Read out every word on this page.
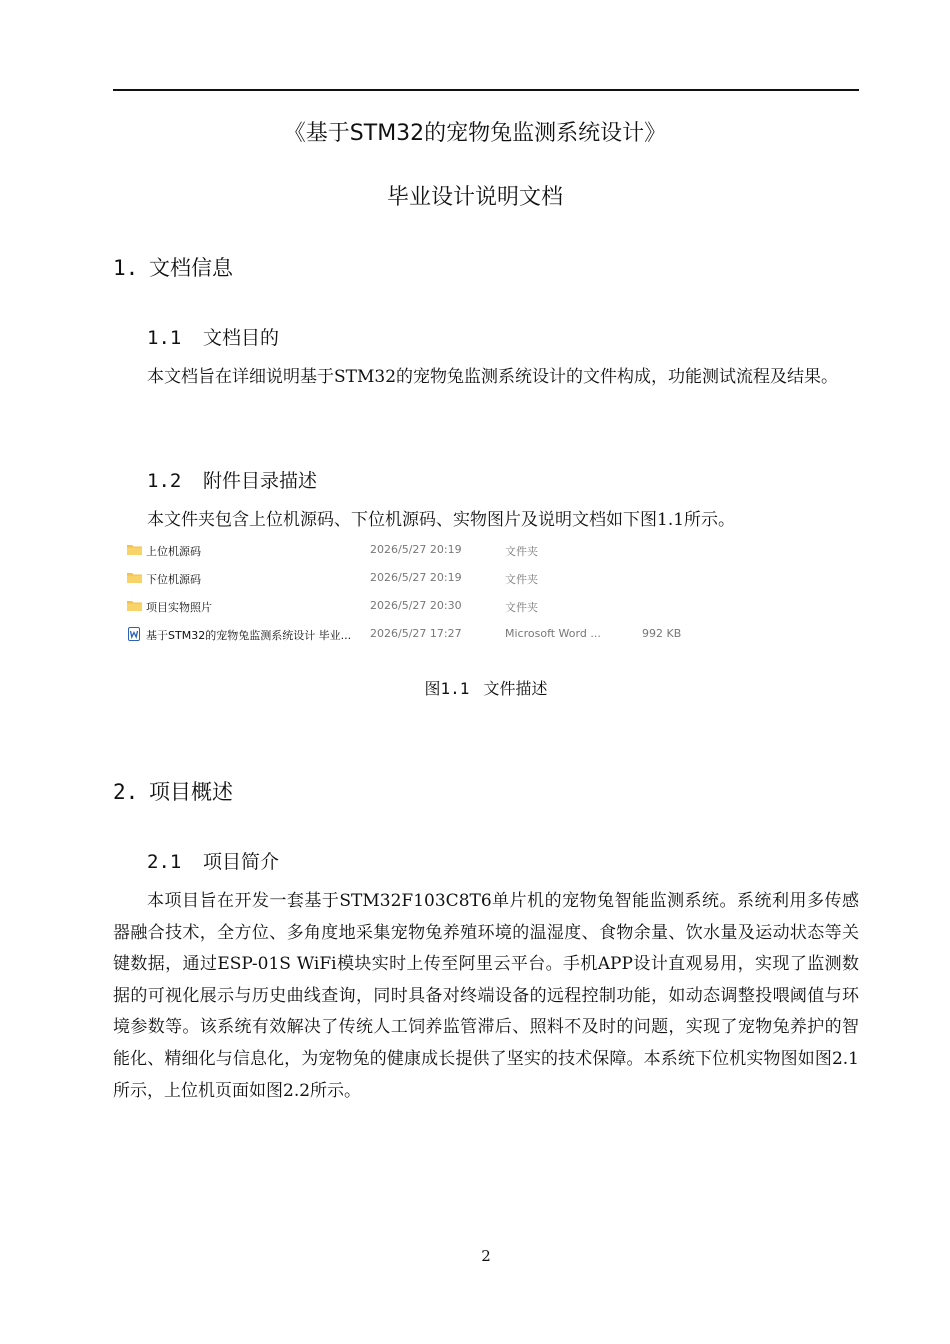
《基于STM32的宠物兔监测系统设计》
毕业设计说明文档
1. 文档信息
1.1 文档目的
本文档旨在详细说明基于STM32的宠物兔监测系统设计的文件构成，功能测试流程及结果。
1.2 附件目录描述
本文件夹包含上位机源码、下位机源码、实物图片及说明文档如下图1.1所示。
上位机源码	2026/5/27 20:19	文件夹
下位机源码	2026/5/27 20:19	文件夹
项目实物照片	2026/5/27 20:30	文件夹
基于STM32的宠物兔监测系统设计 毕业... 2026/5/27 17:27	Microsoft Word ...	992 KB
图1.1 文件描述
2. 项目概述
2.1 项目简介
本项目旨在开发一套基于STM32F103C8T6单片机的宠物兔智能监测系统。系统利用多传感器融合技术，全方位、多角度地采集宠物兔养殖环境的温湿度、食物余量、饮水量及运动状态等关键数据，通过ESP-01S WiFi模块实时上传至阿里云平台。手机APP设计直观易用，实现了监测数据的可视化展示与历史曲线查询，同时具备对终端设备的远程控制功能，如动态调整投喂阈值与环境参数等。该系统有效解决了传统人工饲养监管滞后、照料不及时的问题，实现了宠物兔养护的智能化、精细化与信息化，为宠物兔的健康成长提供了坚实的技术保障。本系统下位机实物图如图2.1所示，上位机页面如图2.2所示。
2
